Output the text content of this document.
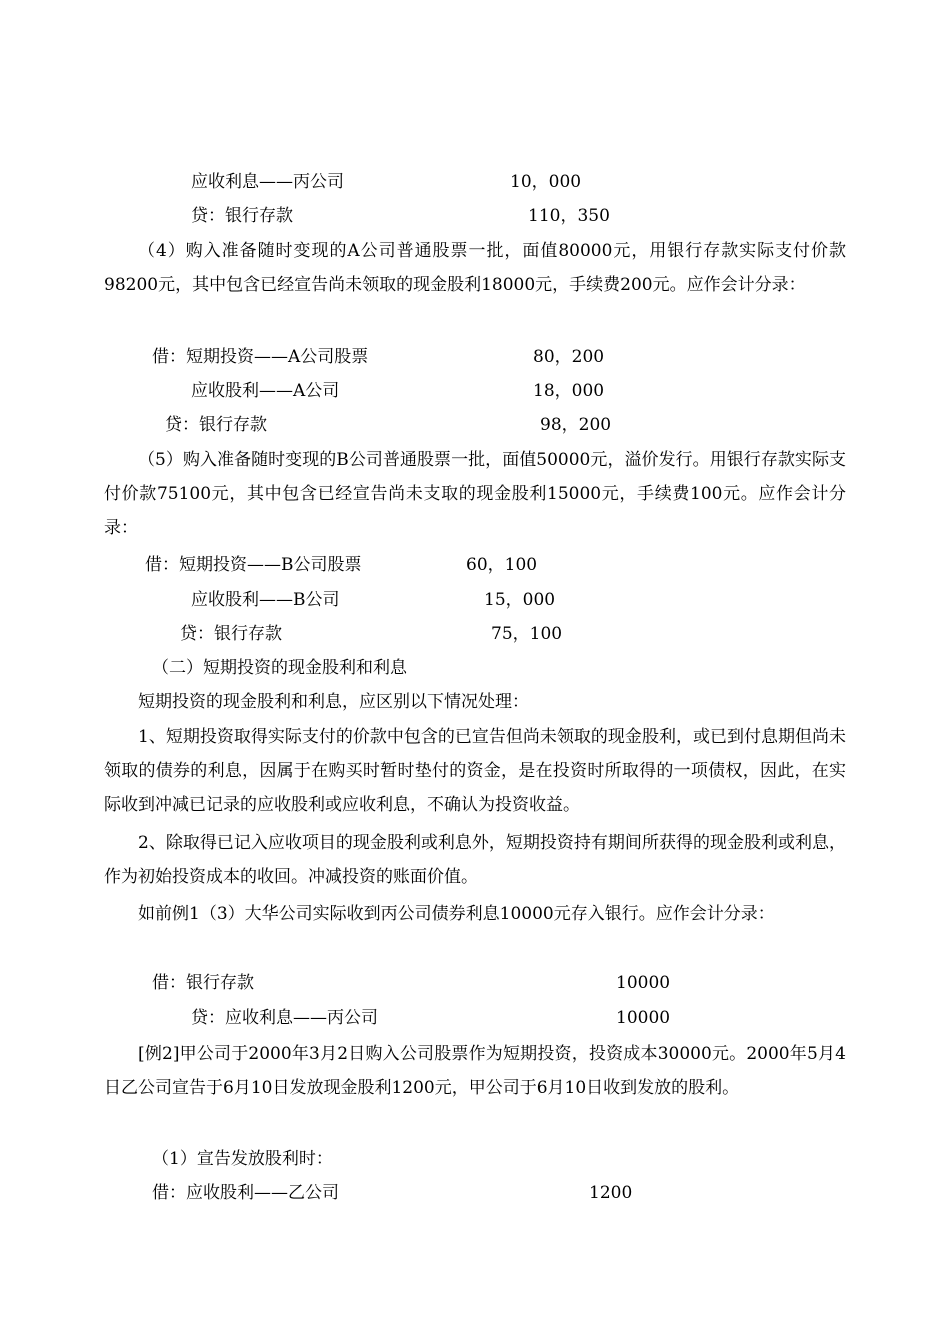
应收利息——丙公司	10，000
贷：银行存款	110，350
（4）购入准备随时变现的A公司普通股票一批，面值80000元，用银行存款实际支付价款98200元，其中包含已经宣告尚未领取的现金股利18000元，手续费200元。应作会计分录：
借：短期投资——A公司股票	80，200
应收股利——A公司	18，000
贷：银行存款	98，200
（5）购入准备随时变现的B公司普通股票一批，面值50000元，溢价发行。用银行存款实际支付价款75100元，其中包含已经宣告尚未支取的现金股利15000元，手续费100元。应作会计分录：
借：短期投资——B公司股票	60，100
应收股利——B公司	15，000
贷：银行存款	75，100
（二）短期投资的现金股利和利息
短期投资的现金股利和利息，应区别以下情况处理：
1、短期投资取得实际支付的价款中包含的已宣告但尚未领取的现金股利，或已到付息期但尚未领取的债券的利息，因属于在购买时暂时垫付的资金，是在投资时所取得的一项债权，因此，在实际收到冲减已记录的应收股利或应收利息，不确认为投资收益。
2、除取得已记入应收项目的现金股利或利息外，短期投资持有期间所获得的现金股利或利息，作为初始投资成本的收回。冲减投资的账面价值。
如前例1（3）大华公司实际收到丙公司债券利息10000元存入银行。应作会计分录：
借：银行存款	10000
贷：应收利息——丙公司	10000
[例2]甲公司于2000年3月2日购入公司股票作为短期投资，投资成本30000元。2000年5月4日乙公司宣告于6月10日发放现金股利1200元，甲公司于6月10日收到发放的股利。
（1）宣告发放股利时：
借：应收股利——乙公司	1200
